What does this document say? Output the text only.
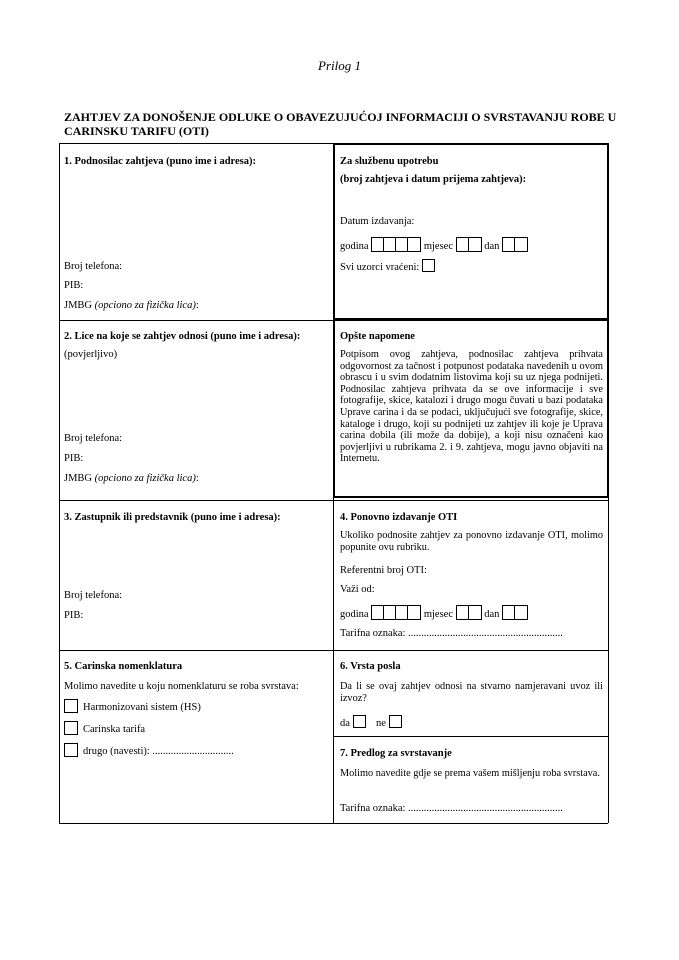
Prilog 1
ZAHTJEV ZA DONOŠENJE ODLUKE O OBAVEZUJUĆOJ INFORMACIJI O SVRSTAVANJU ROBE U CARINSKU TARIFU (OTI)
1. Podnosilac zahtjeva (puno ime i adresa):
Broj telefona:
PIB:
JMBG (opciono za fizička lica):
Za službenu upotrebu
(broj zahtjeva i datum prijema zahtjeva):
Datum izdavanja:
godina	mjesec	dan
Svi uzorci vraćeni:
2. Lice na koje se zahtjev odnosi (puno ime i adresa):
(povjerljivo)
Broj telefona:
PIB:
JMBG (opciono za fizička lica):
Opšte napomene
Potpisom ovog zahtjeva, podnosilac zahtjeva prihvata odgovornost za tačnost i potpunost podataka navedenih u ovom obrascu i u svim dodatnim listovima koji su uz njega podnijeti. Podnosilac zahtjeva prihvata da se ove informacije i sve fotografije, skice, katalozi i drugo mogu čuvati u bazi podataka Uprave carina i da se podaci, uključujući sve fotografije, skice, kataloge i drugo, koji su podnijeti uz zahtjev ili koje je Uprava carina dobila (ili može da dobije), a koji nisu označeni kao povjerljivi u rubrikama 2. i 9. zahtjeva, mogu javno objaviti na Internetu.
3. Zastupnik ili predstavnik (puno ime i adresa):
Broj telefona:
PIB:
4. Ponovno izdavanje OTI
Ukoliko podnosite zahtjev za ponovno izdavanje OTI, molimo popunite ovu rubriku.
Referentni broj OTI:
Važi od:
godina	mjesec	dan
Tarifna oznaka: ...........................................................
5. Carinska nomenklatura
Molimo navedite u koju nomenklaturu se roba svrstava:
Harmonizovani sistem (HS)
Carinska tarifa
drugo (navesti): ...............................
6. Vrsta posla
Da li se ovaj zahtjev odnosi na stvarno namjeravani uvoz ili izvoz?
da ne
7. Predlog za svrstavanje
Molimo navedite gdje se prema vašem mišljenju roba svrstava.
Tarifna oznaka: ...........................................................
